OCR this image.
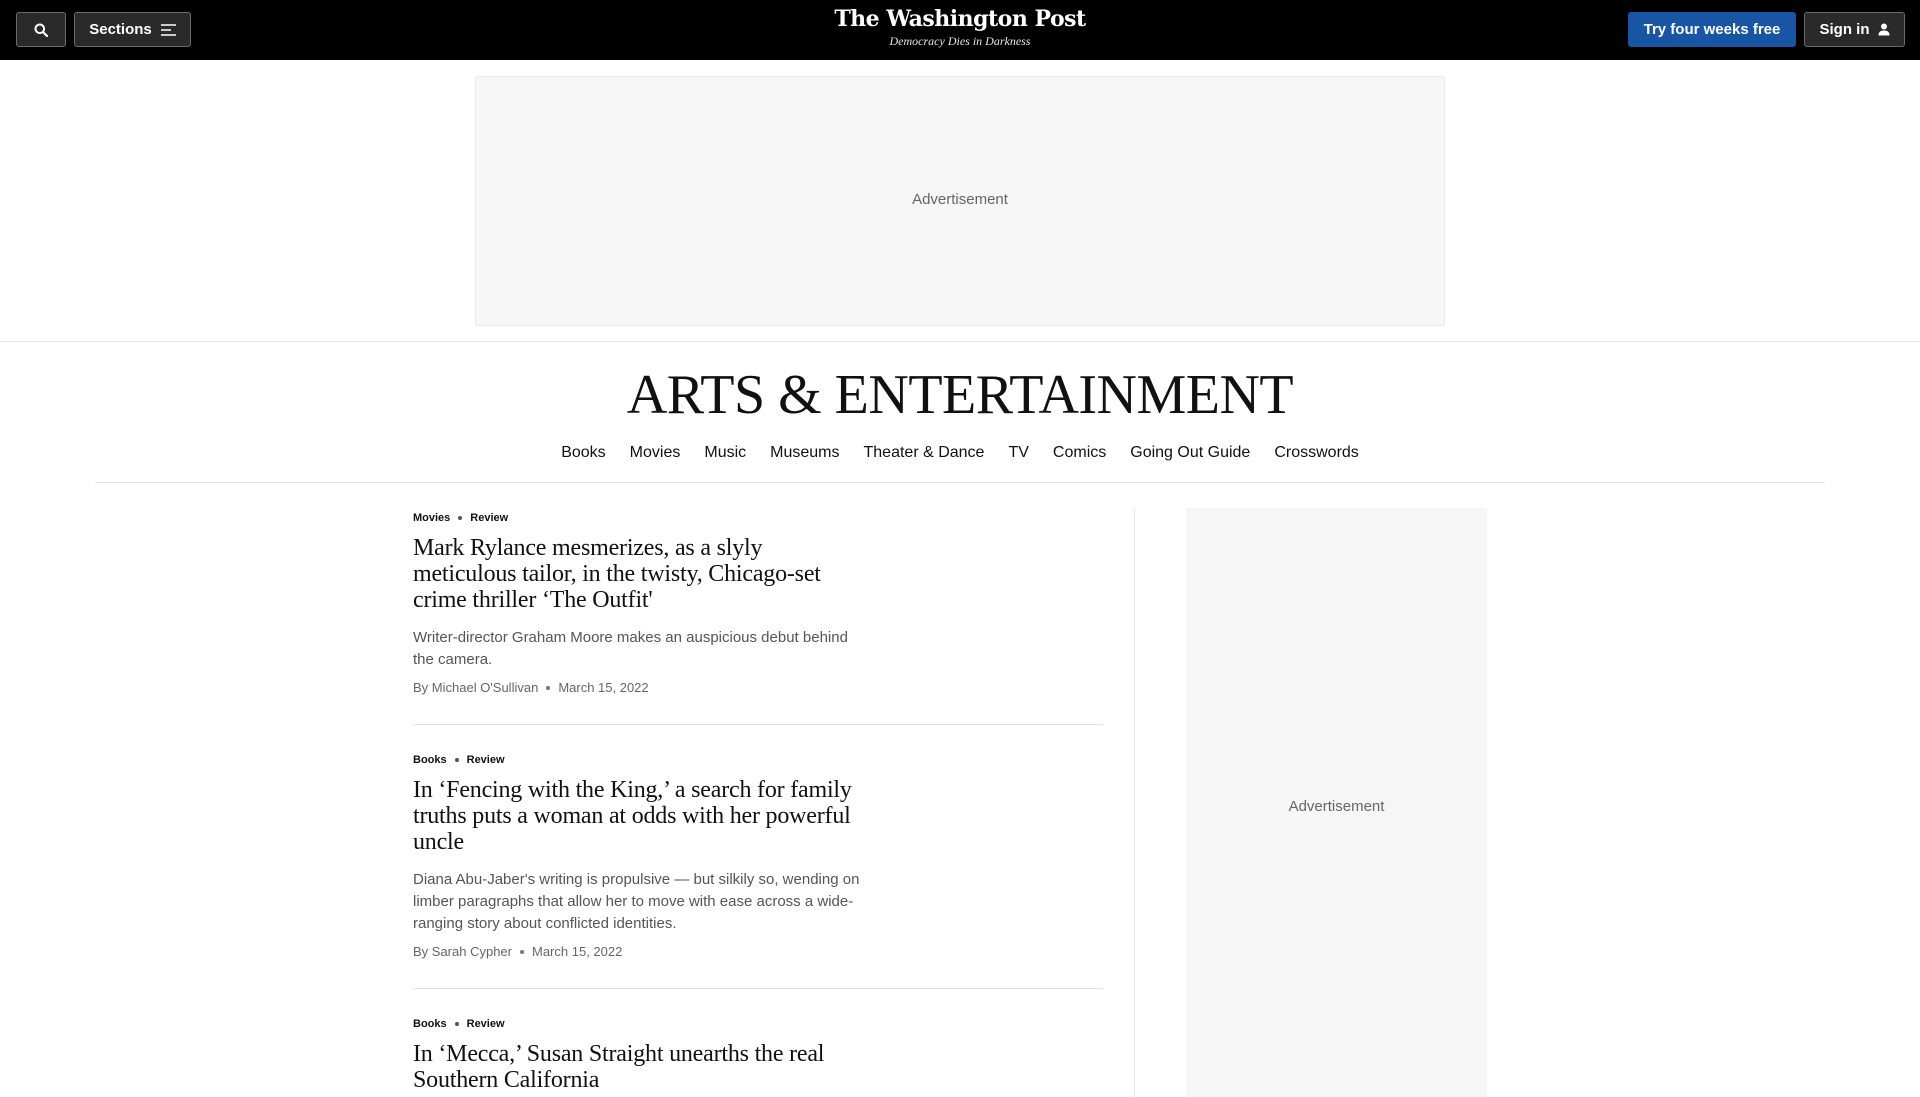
Sections	The Washington Post
Democracy Dies in Darkness
Try four weeks free	Sign in
Advertisement
ARTS & ENTERTAINMENT
Books Movies Music Museums Theater & Dance TV Comics Going Out Guide Crosswords
Movies Review
Mark Rylance mesmerizes, as a slyly meticulous tailor, in the twisty, Chicago-set crime thriller ‘The Outfit'
Writer-director Graham Moore makes an auspicious debut behind the camera.
By Michael O'Sullivan March 15, 2022
Books Review
In ‘Fencing with the King,’ a search for family truths puts a woman at odds with her powerful uncle
Diana Abu-Jaber's writing is propulsive — but silkily so, wending on limber paragraphs that allow her to move with ease across a wide-ranging story about conflicted identities.
By Sarah Cypher March 15, 2022
Books Review
In ‘Mecca,’ Susan Straight unearths the real Southern California
Advertisement
